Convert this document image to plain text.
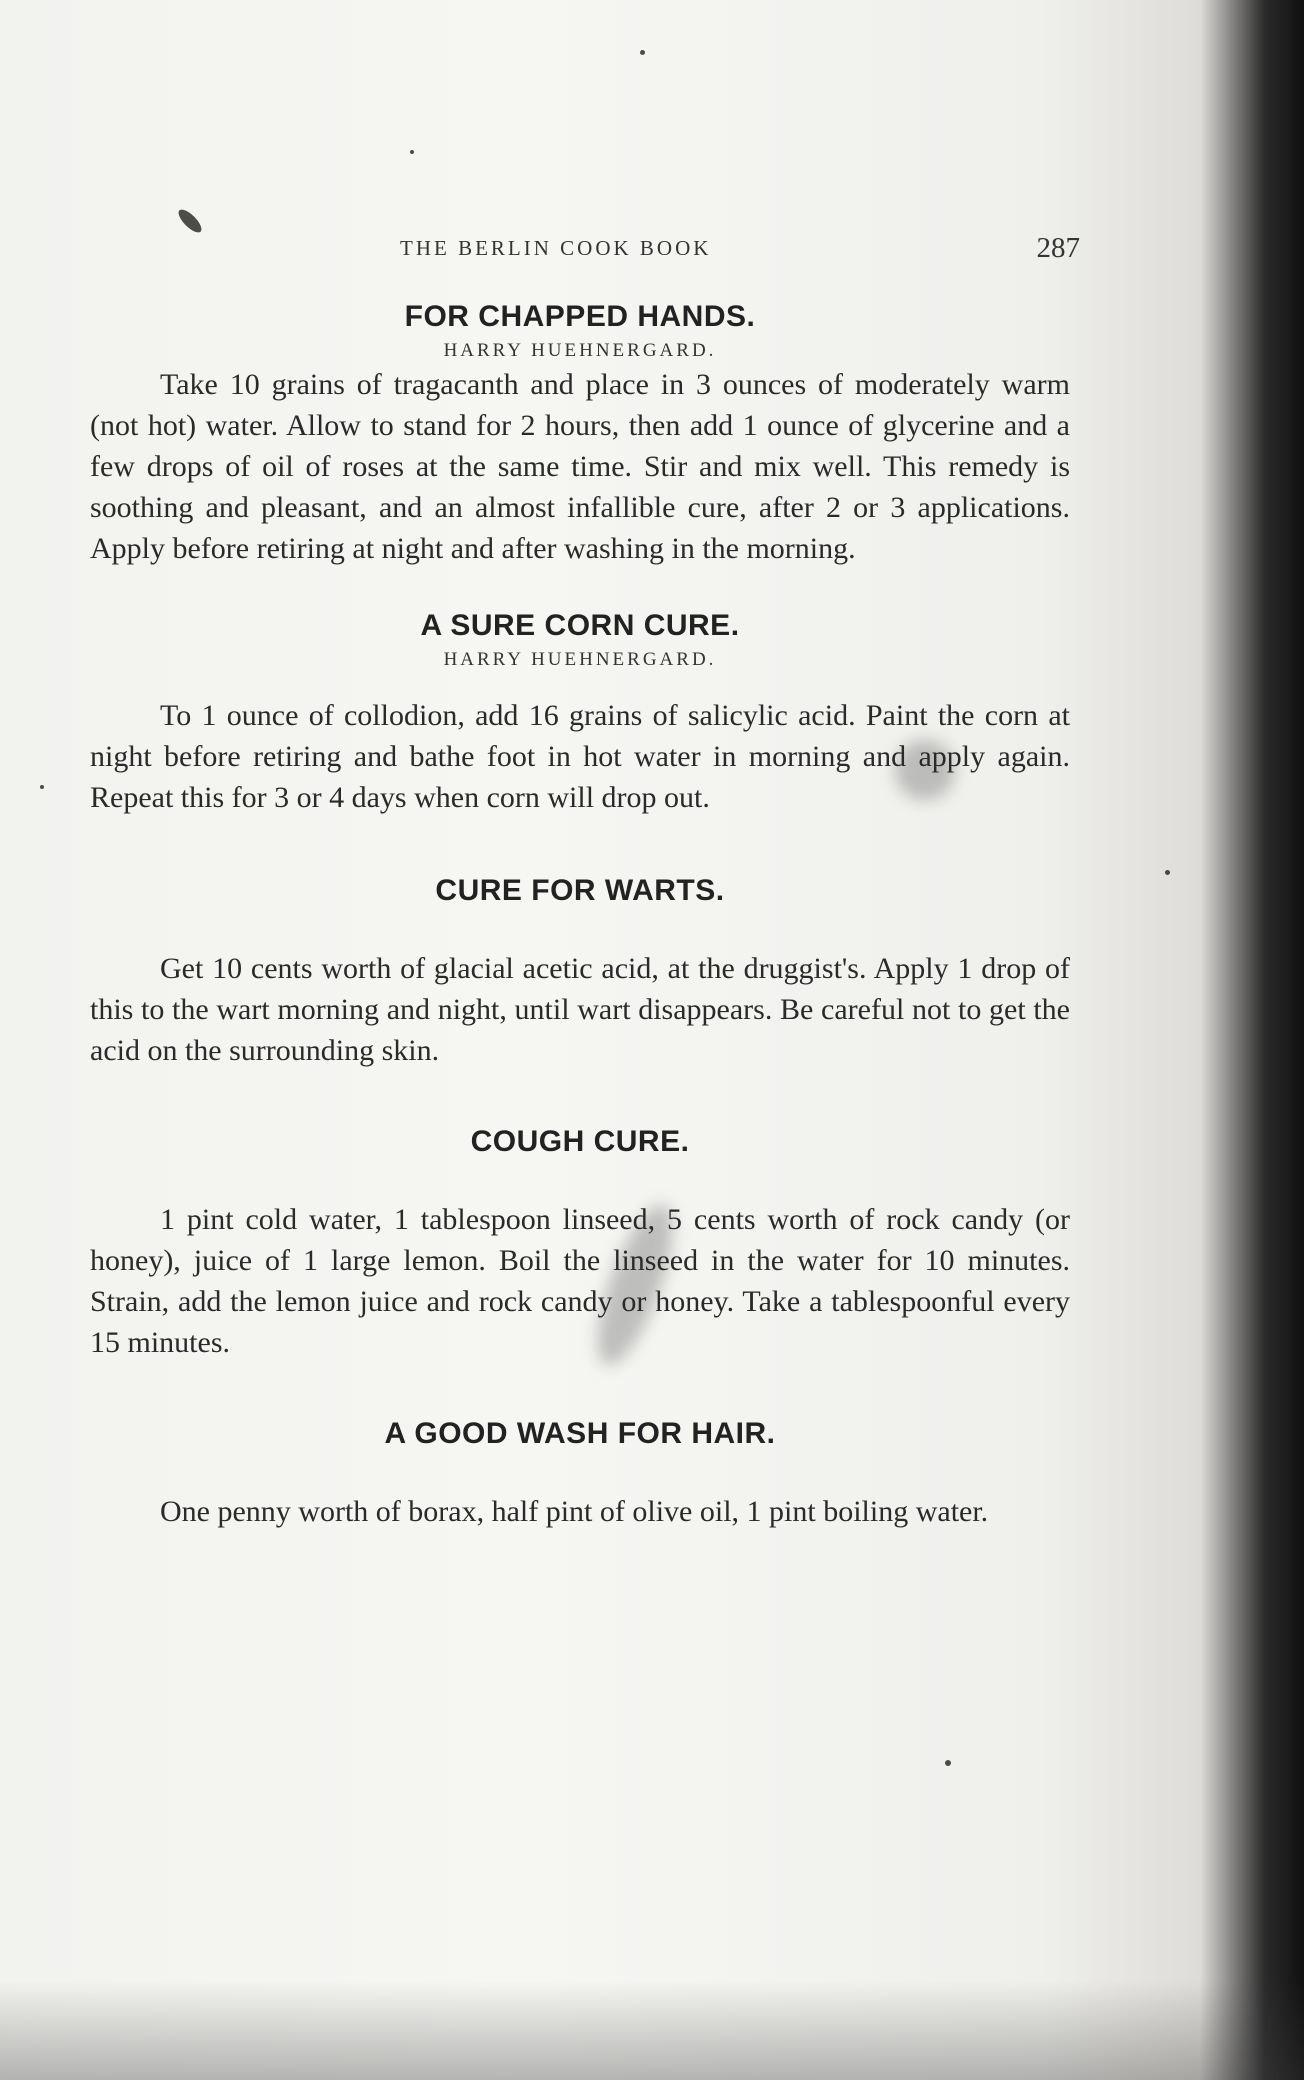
THE BERLIN COOK BOOK	287
FOR CHAPPED HANDS.
HARRY HUEHNERGARD.

Take 10 grains of tragacanth and place in 3 ounces of moderately warm (not hot) water. Allow to stand for 2 hours, then add 1 ounce of glycerine and a few drops of oil of roses at the same time. Stir and mix well. This remedy is soothing and pleasant, and an almost infallible cure, after 2 or 3 applications. Apply before retiring at night and after washing in the morning.

A SURE CORN CURE.
HARRY HUEHNERGARD.

To 1 ounce of collodion, add 16 grains of salicylic acid. Paint the corn at night before retiring and bathe foot in hot water in morning and apply again. Repeat this for 3 or 4 days when corn will drop out.

CURE FOR WARTS.

Get 10 cents worth of glacial acetic acid, at the druggist's. Apply 1 drop of this to the wart morning and night, until wart disappears. Be careful not to get the acid on the surrounding skin.

COUGH CURE.

1 pint cold water, 1 tablespoon linseed, 5 cents worth of rock candy (or honey), juice of 1 large lemon. Boil the linseed in the water for 10 minutes. Strain, add the lemon juice and rock candy or honey. Take a tablespoonful every 15 minutes.

A GOOD WASH FOR HAIR.

One penny worth of borax, half pint of olive oil, 1 pint boiling water.
